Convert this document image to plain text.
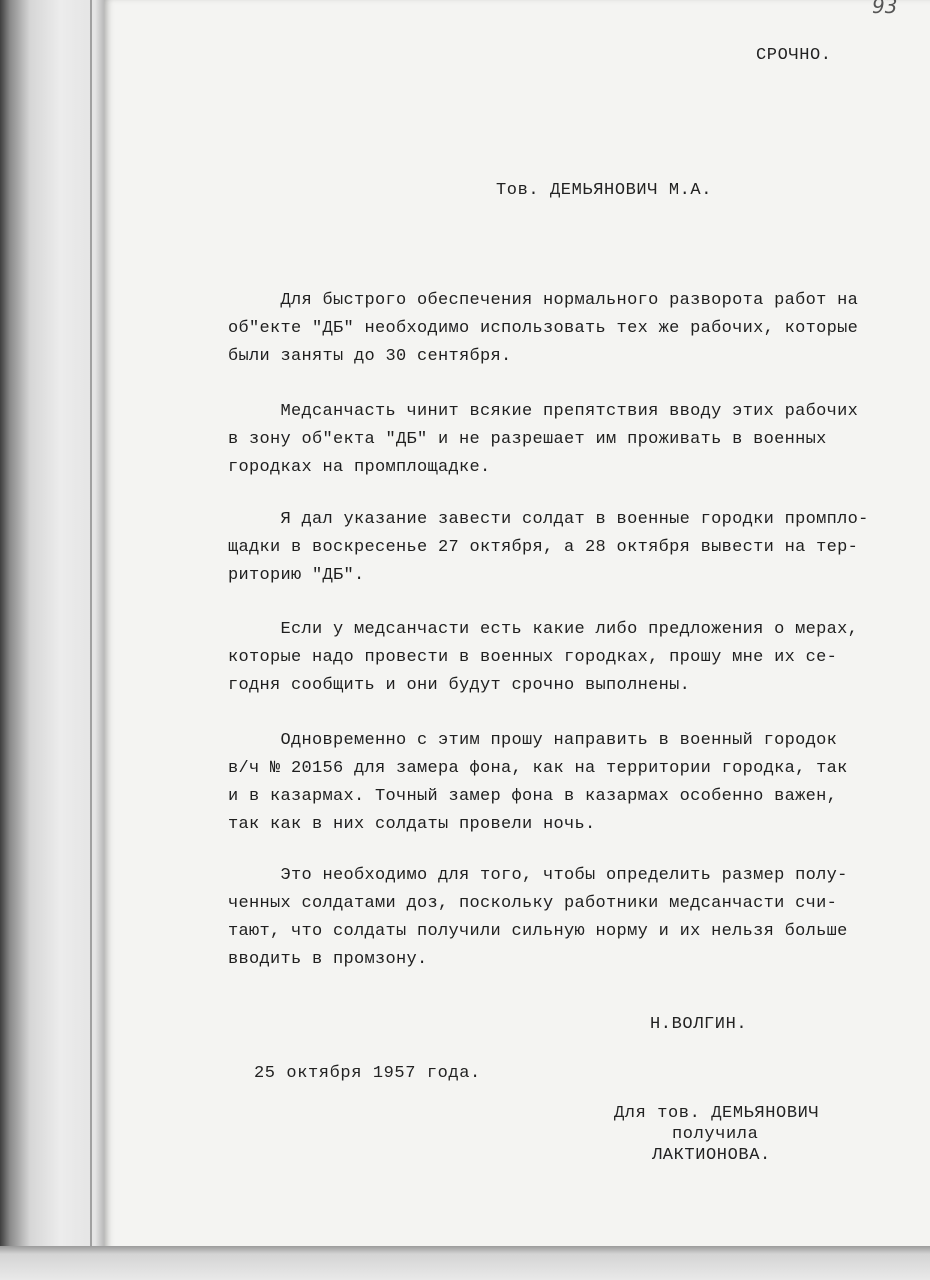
93
СРОЧНО.
Тов. ДЕМЬЯНОВИЧ М.А.
Для быстрого обеспечения нормального разворота работ на
об"екте "ДБ" необходимо использовать тех же рабочих, которые
были заняты до 30 сентября.
Медсанчасть чинит всякие препятствия вводу этих рабочих
в зону об"екта "ДБ" и не разрешает им проживать в военных
городках на промплощадке.
Я дал указание завести солдат в военные городки промпло-
щадки в воскресенье 27 октября, а 28 октября вывести на тер-
риторию "ДБ".
Если у медсанчасти есть какие либо предложения о мерах,
которые надо провести в военных городках, прошу мне их се-
годня сообщить и они будут срочно выполнены.
Одновременно с этим прошу направить в военный городок
в/ч № 20156 для замера фона, как на территории городка, так
и в казармах. Точный замер фона в казармах особенно важен,
так как в них солдаты провели ночь.
Это необходимо для того, чтобы определить размер полу-
ченных солдатами доз, поскольку работники медсанчасти счи-
тают, что солдаты получили сильную норму и их нельзя больше
вводить в промзону.
Н.ВОЛГИН.
25 октября 1957 года.
Для тов. ДЕМЬЯНОВИЧ
получила
ЛАКТИОНОВА.
